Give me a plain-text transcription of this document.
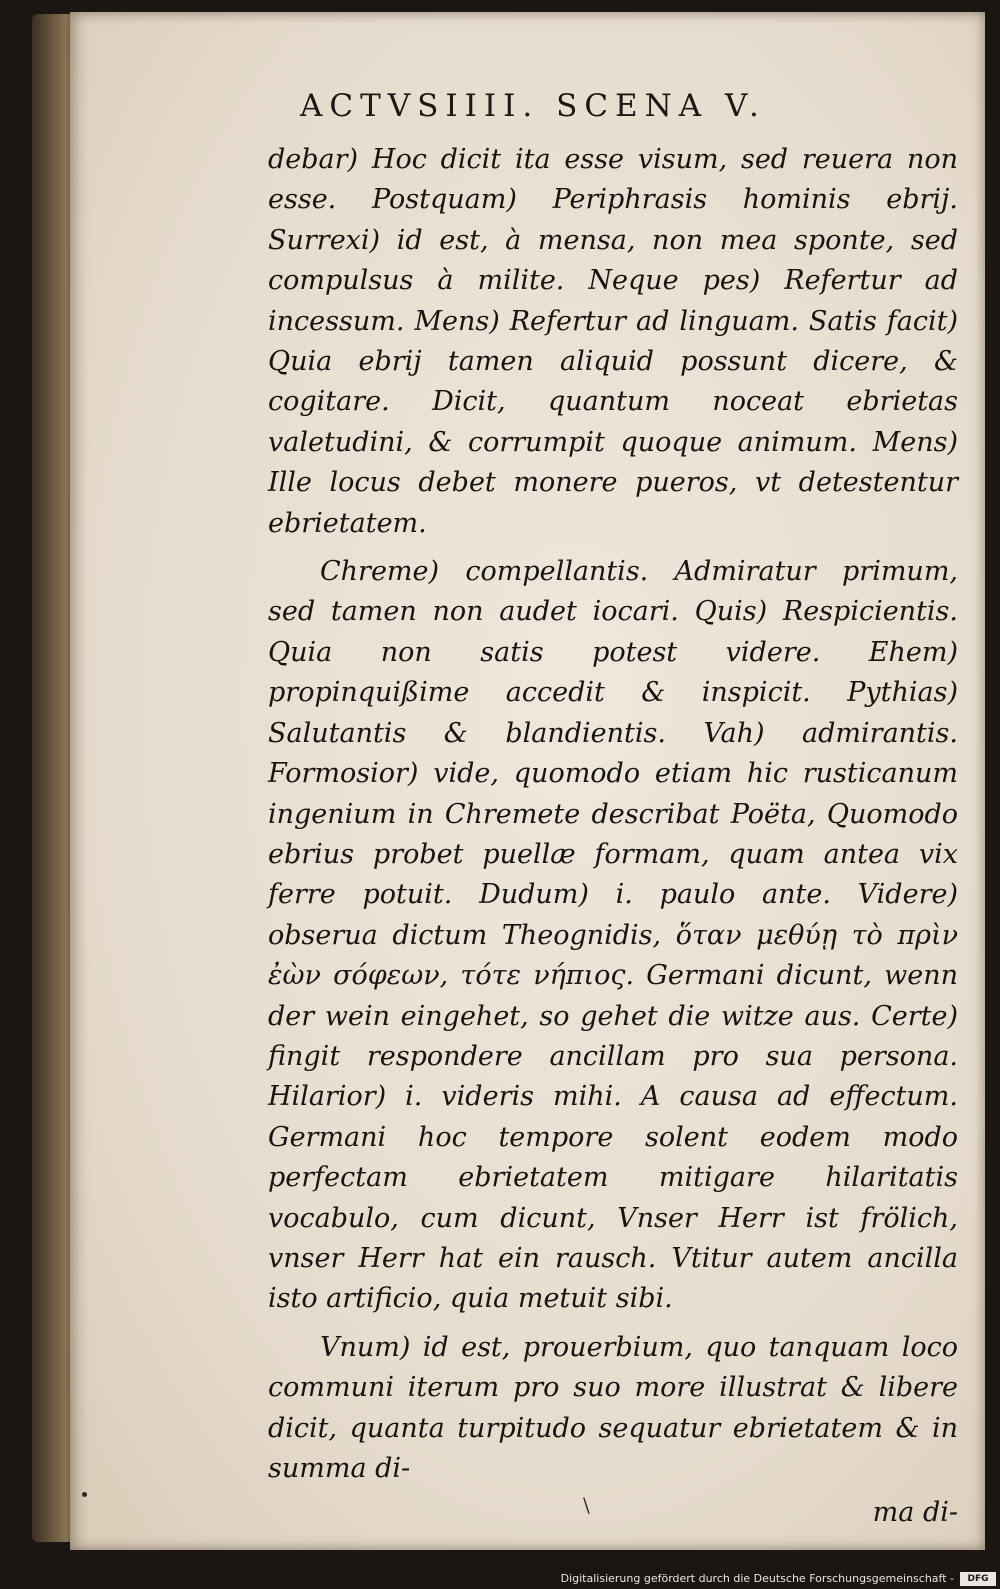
ACTVSIIII. SCENA V.

debar) Hoc dicit ita esse visum, sed reuera non esse. Postquam) Periphrasis hominis ebrij. Surrexi) id est, à mensa, non mea sponte, sed compulsus à milite. Neque pes) Refertur ad incessum. Mens) Refertur ad linguam. Satis facit) Quia ebrij tamen aliquid possunt dicere, & cogitare. Dicit, quantum noceat ebrietas valetudini, & corrumpit quoque animum. Mens) Ille locus debet monere pueros, vt detestentur ebrietatem.

Chreme) compellantis. Admiratur primum, sed tamen non audet iocari. Quis) Respicientis. Quia non satis potest videre. Ehem) propinquißime accedit & inspicit. Pythias) Salutantis & blandientis. Vah) admirantis. Formosior) vide, quomodo etiam hic rusticanum ingenium in Chremete describat Poëta, Quomodo ebrius probet puellæ formam, quam antea vix ferre potuit. Dudum) i. paulo ante. Videre) obserua dictum Theognidis, ὅταν μεθύῃ τὸ πρὶν ἐὼν σόφεων, τότε νήπιος. Germani dicunt, wenn der wein eingehet, so gehet die witze aus. Certe) fingit respondere ancillam pro sua persona. Hilarior) i. videris mihi. A causa ad effectum. Germani hoc tempore solent eodem modo perfectam ebrietatem mitigare hilaritatis vocabulo, cum dicunt, Vnser Herr ist frölich, vnser Herr hat ein rausch. Vtitur autem ancilla isto artificio, quia metuit sibi.

Vnum) id est, prouerbium, quo tanquam loco communi iterum pro suo more illustrat & libere dicit, quanta turpitudo sequatur ebrietatem & in summa di-

ma di-

\
Digitalisierung gefördert durch die Deutsche Forschungsgemeinschaft -	DFG
